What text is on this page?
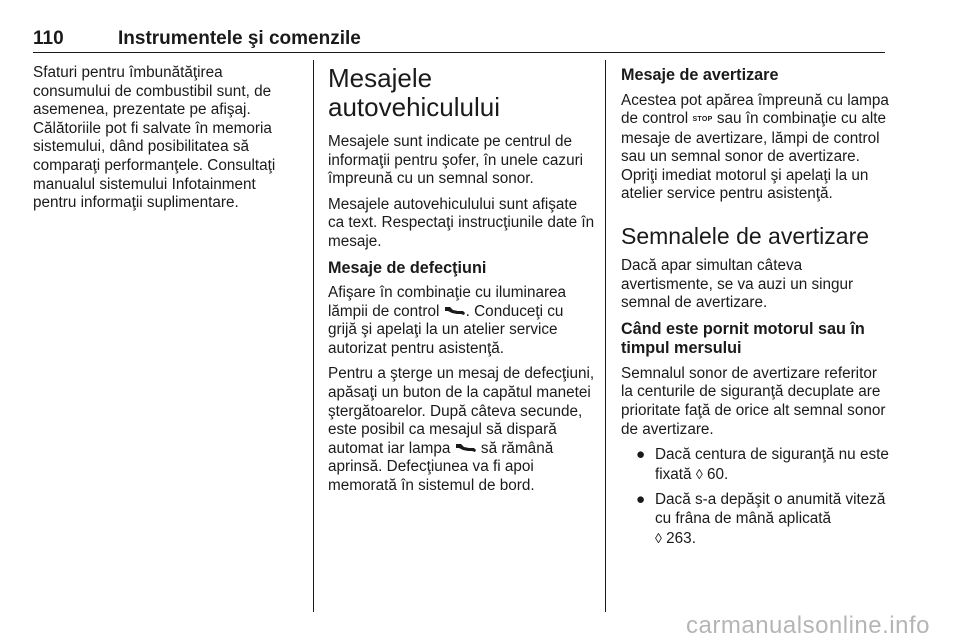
110	Instrumentele şi comenzile

Sfaturi pentru îmbunătăţirea consumului de combustibil sunt, de asemenea, prezentate pe afişaj. Călătoriile pot fi salvate în memoria sistemului, dând posibilitatea să comparaţi performanţele. Consultaţi manualul sistemului Infotainment pentru informaţii suplimentare.

Mesajele autovehiculului

Mesajele sunt indicate pe centrul de informaţii pentru şofer, în unele cazuri împreună cu un semnal sonor.

Mesajele autovehiculului sunt afişate ca text. Respectaţi instrucţiunile date în mesaje.

Mesaje de defecţiuni

Afişare în combinaţie cu iluminarea lămpii de control . Conduceţi cu grijă şi apelaţi la un atelier service autorizat pentru asistenţă.

Pentru a şterge un mesaj de defecţiuni, apăsaţi un buton de la capătul manetei ştergătoarelor. După câteva secunde, este posibil ca mesajul să dispară automat iar lampa  să rămână aprinsă. Defecţiunea va fi apoi memorată în sistemul de bord.

Mesaje de avertizare

Acestea pot apărea împreună cu lampa de control STOP sau în combinaţie cu alte mesaje de avertizare, lămpi de control sau un semnal sonor de avertizare. Opriţi imediat motorul şi apelaţi la un atelier service pentru asistenţă.

Semnalele de avertizare

Dacă apar simultan câteva avertismente, se va auzi un singur semnal de avertizare.

Când este pornit motorul sau în timpul mersului

Semnalul sonor de avertizare referitor la centurile de siguranţă decuplate are prioritate faţă de orice alt semnal sonor de avertizare.

● Dacă centura de siguranţă nu este fixată ◊ 60.
● Dacă s-a depăşit o anumită viteză cu frâna de mână aplicată
◊ 263.
carmanualsonline.info
